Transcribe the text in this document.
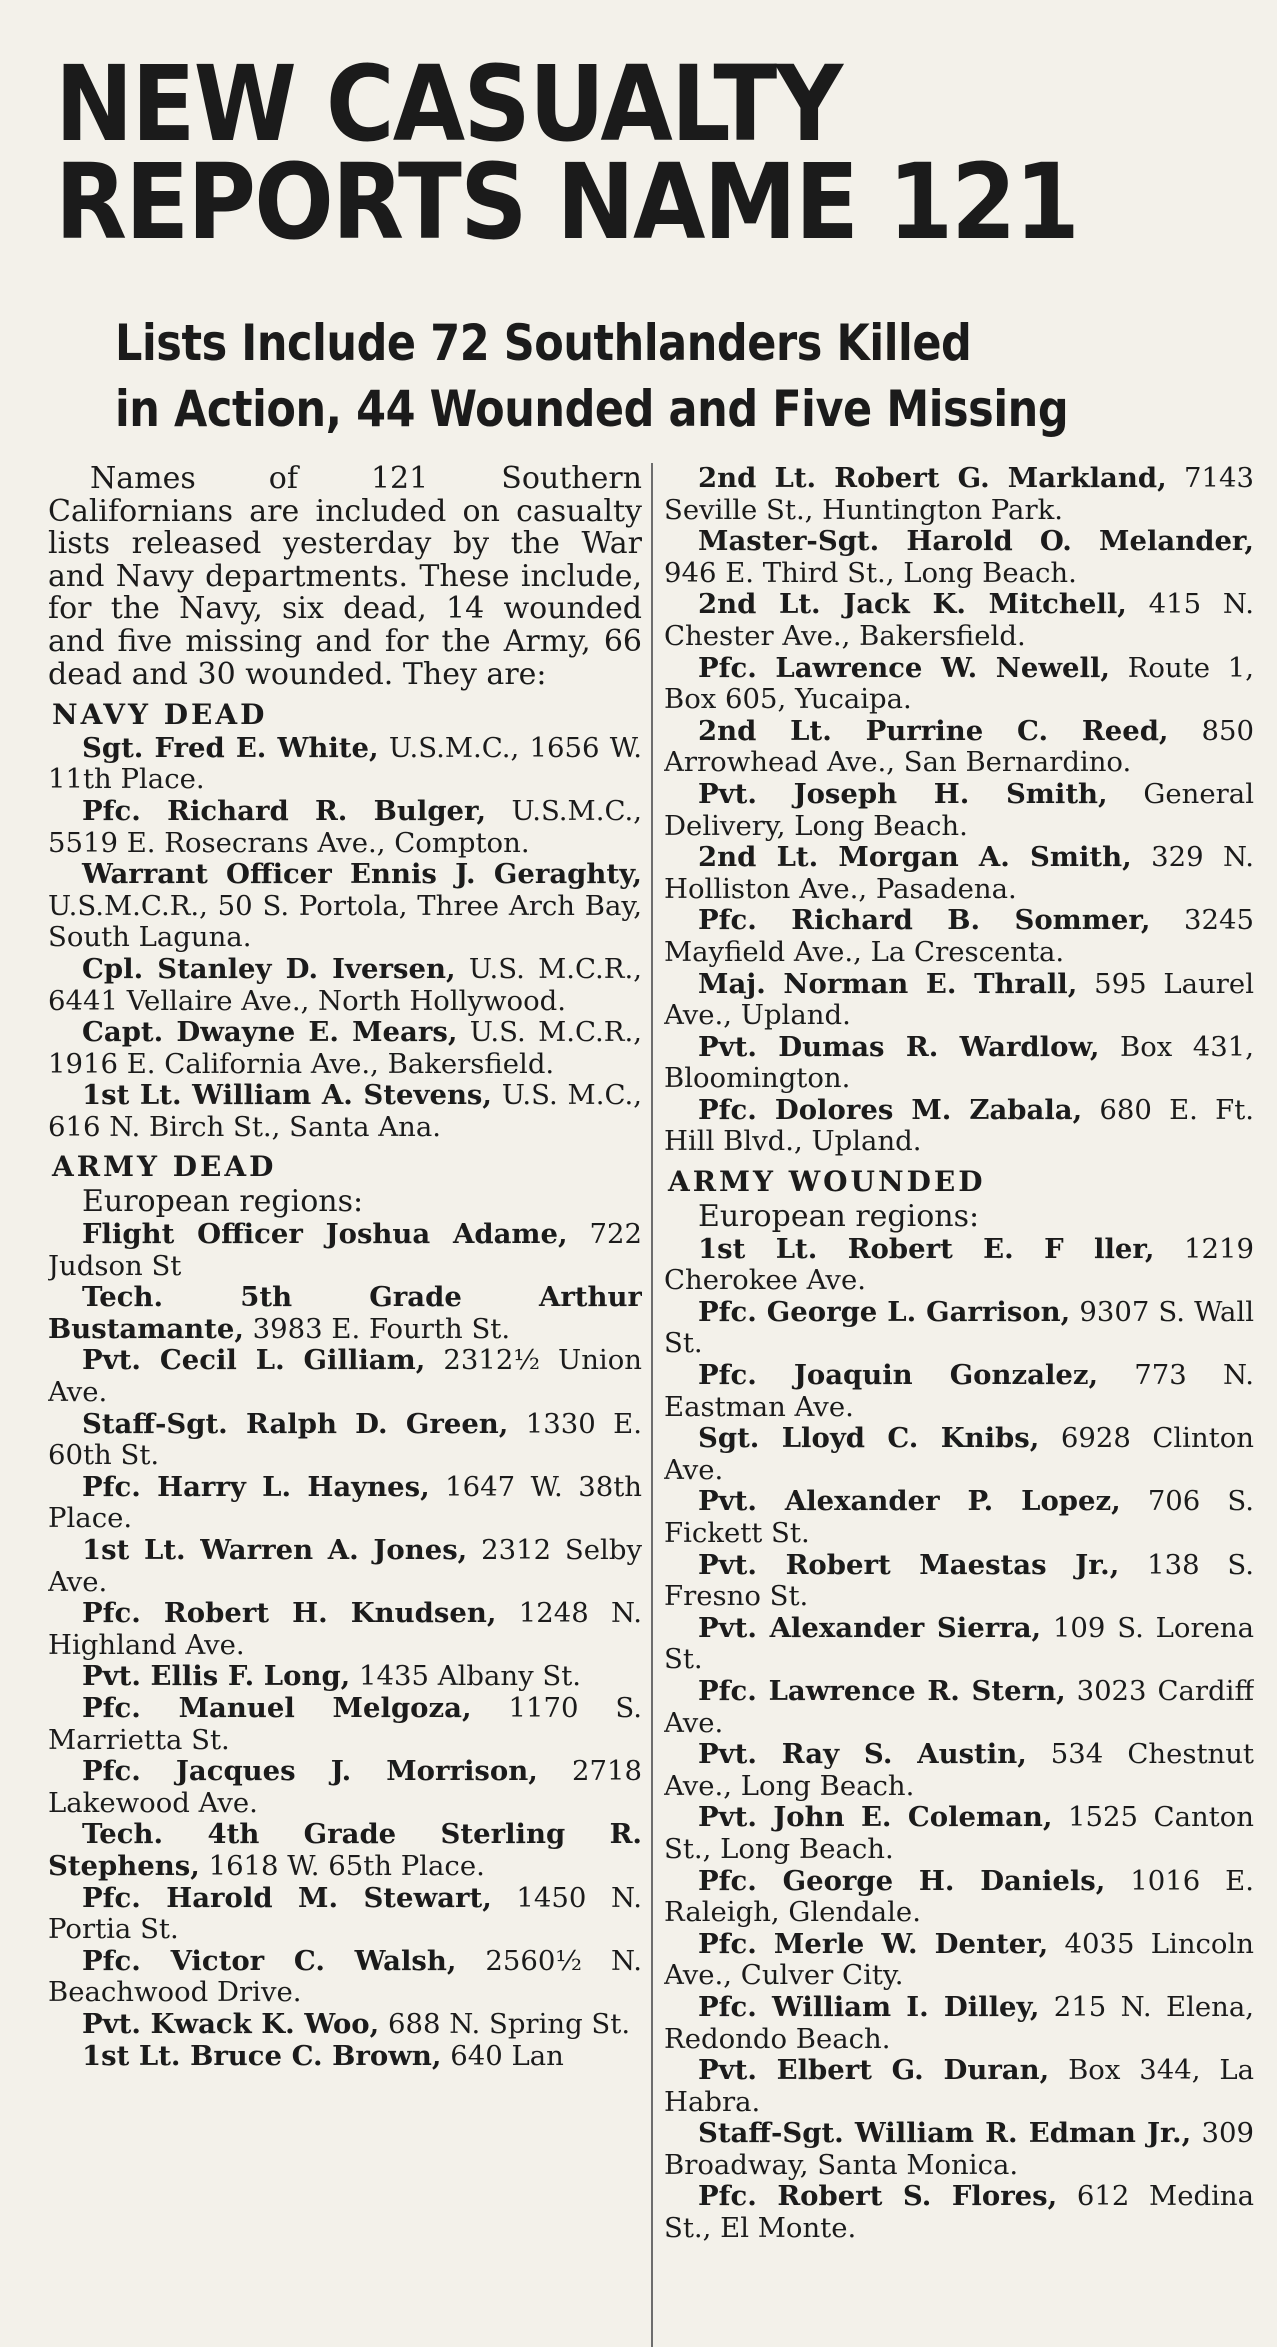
NEW CASUALTY
REPORTS NAME 121
Lists Include 72 Southlanders Killed
in Action, 44 Wounded and Five Missing

Names of 121 Southern Californians are included on casualty lists released yesterday by the War and Navy departments. These include, for the Navy, six dead, 14 wounded and five missing and for the Army, 66 dead and 30 wounded. They are:

NAVY DEAD

Sgt. Fred E. White, U.S.M.C., 1656 W. 11th Place.

Pfc. Richard R. Bulger, U.S.M.C., 5519 E. Rosecrans Ave., Compton.

Warrant Officer Ennis J. Geraghty, U.S.M.C.R., 50 S. Portola, Three Arch Bay, South Laguna.

Cpl. Stanley D. Iversen, U.S. M.C.R., 6441 Vellaire Ave., North Hollywood.

Capt. Dwayne E. Mears, U.S. M.C.R., 1916 E. California Ave., Bakersfield.

1st Lt. William A. Stevens, U.S. M.C., 616 N. Birch St., Santa Ana.

ARMY DEAD
European regions:

Flight Officer Joshua Adame, 722 Judson St

Tech. 5th Grade Arthur Bustamante, 3983 E. Fourth St.

Pvt. Cecil L. Gilliam, 2312½ Union Ave.

Staff-Sgt. Ralph D. Green, 1330 E. 60th St.

Pfc. Harry L. Haynes, 1647 W. 38th Place.

1st Lt. Warren A. Jones, 2312 Selby Ave.

Pfc. Robert H. Knudsen, 1248 N. Highland Ave.

Pvt. Ellis F. Long, 1435 Albany St.

Pfc. Manuel Melgoza, 1170 S. Marrietta St.

Pfc. Jacques J. Morrison, 2718 Lakewood Ave.

Tech. 4th Grade Sterling R. Stephens, 1618 W. 65th Place.

Pfc. Harold M. Stewart, 1450 N. Portia St.

Pfc. Victor C. Walsh, 2560½ N. Beachwood Drive.

Pvt. Kwack K. Woo, 688 N. Spring St.

1st Lt. Bruce C. Brown, 640 Lan

2nd Lt. Robert G. Markland, 7143 Seville St., Huntington Park.

Master-Sgt. Harold O. Melander, 946 E. Third St., Long Beach.

2nd Lt. Jack K. Mitchell, 415 N. Chester Ave., Bakersfield.

Pfc. Lawrence W. Newell, Route 1, Box 605, Yucaipa.

2nd Lt. Purrine C. Reed, 850 Arrowhead Ave., San Bernardino.

Pvt. Joseph H. Smith, General Delivery, Long Beach.

2nd Lt. Morgan A. Smith, 329 N. Holliston Ave., Pasadena.

Pfc. Richard B. Sommer, 3245 Mayfield Ave., La Crescenta.

Maj. Norman E. Thrall, 595 Laurel Ave., Upland.

Pvt. Dumas R. Wardlow, Box 431, Bloomington.

Pfc. Dolores M. Zabala, 680 E. Ft. Hill Blvd., Upland.

ARMY WOUNDED
European regions:

1st Lt. Robert E. F ller, 1219 Cherokee Ave.

Pfc. George L. Garrison, 9307 S. Wall St.

Pfc. Joaquin Gonzalez, 773 N. Eastman Ave.

Sgt. Lloyd C. Knibs, 6928 Clinton Ave.

Pvt. Alexander P. Lopez, 706 S. Fickett St.

Pvt. Robert Maestas Jr., 138 S. Fresno St.

Pvt. Alexander Sierra, 109 S. Lorena St.

Pfc. Lawrence R. Stern, 3023 Cardiff Ave.

Pvt. Ray S. Austin, 534 Chestnut Ave., Long Beach.

Pvt. John E. Coleman, 1525 Canton St., Long Beach.

Pfc. George H. Daniels, 1016 E. Raleigh, Glendale.

Pfc. Merle W. Denter, 4035 Lincoln Ave., Culver City.

Pfc. William I. Dilley, 215 N. Elena, Redondo Beach.

Pvt. Elbert G. Duran, Box 344, La Habra.

Staff-Sgt. William R. Edman Jr., 309 Broadway, Santa Monica.

Pfc. Robert S. Flores, 612 Medina St., El Monte.
